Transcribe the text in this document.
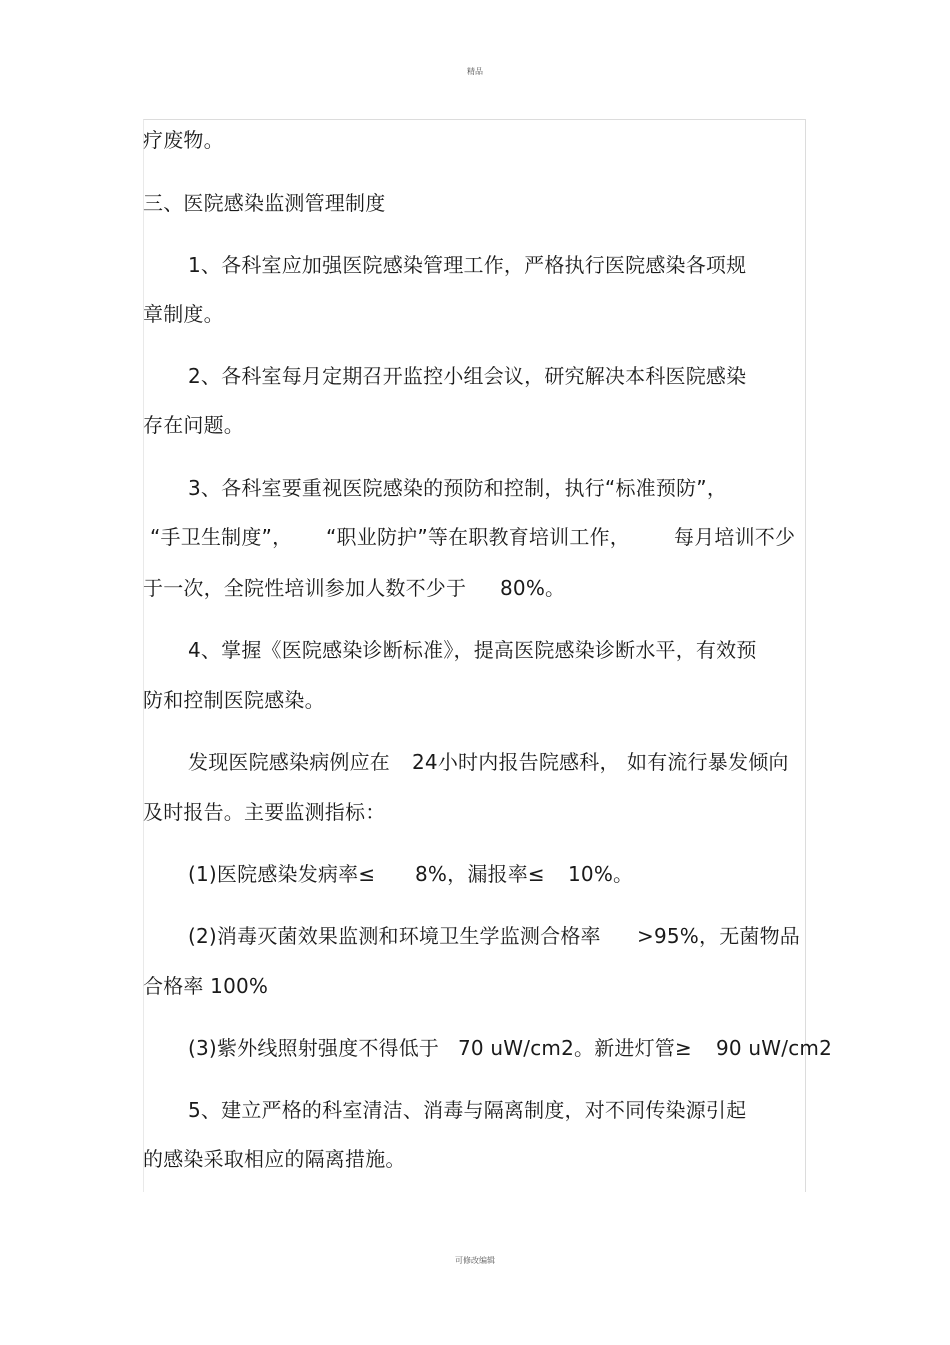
精品
疗废物。
三、医院感染监测管理制度
1、各科室应加强医院感染管理工作，严格执行医院感染各项规
章制度。
2、各科室每月定期召开监控小组会议，研究解决本科医院感染
存在问题。
3、各科室要重视医院感染的预防和控制，执行“标准预防”，
“手卫生制度”， “职业防护”等在职教育培训工作， 每月培训不少
于一次，全院性培训参加人数不少于 80%。
4、掌握《医院感染诊断标准》，提高医院感染诊断水平，有效预
防和控制医院感染。
发现医院感染病例应在 24小时内报告院感科， 如有流行暴发倾向
及时报告。主要监测指标：
(1)医院感染发病率≤ 8%，漏报率≤ 10%。
(2)消毒灭菌效果监测和环境卫生学监测合格率 >95%，无菌物品
合格率 100%
(3)紫外线照射强度不得低于 70 uW/cm2。新进灯管≥ 90 uW/cm2
5、建立严格的科室清洁、消毒与隔离制度，对不同传染源引起
的感染采取相应的隔离措施。
可修改编辑
